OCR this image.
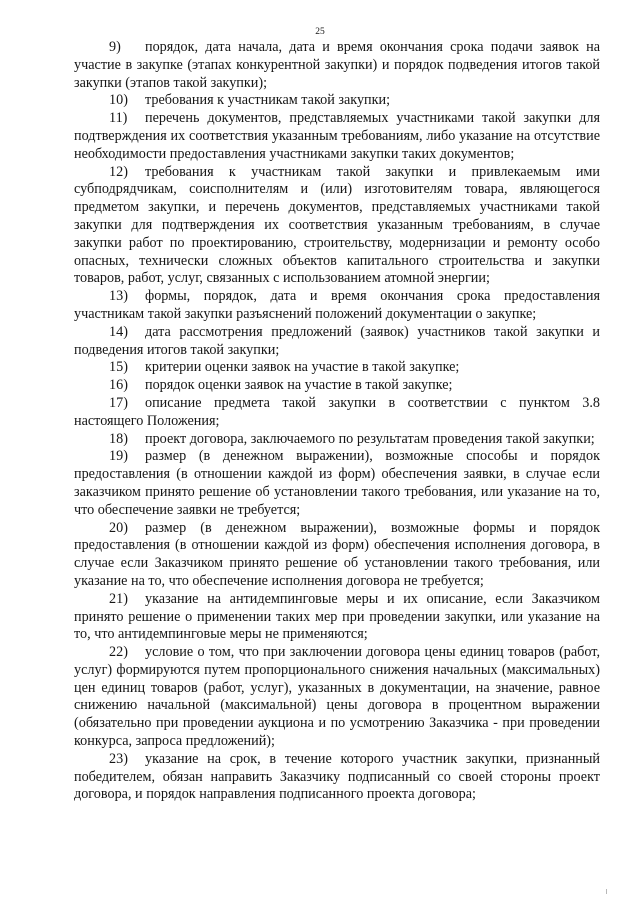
25

9) порядок, дата начала, дата и время окончания срока подачи заявок на участие в закупке (этапах конкурентной закупки) и порядок подведения итогов такой закупки (этапов такой закупки);

10) требования к участникам такой закупки;

11) перечень документов, представляемых участниками такой закупки для подтверждения их соответствия указанным требованиям, либо указание на отсутствие необходимости предоставления участниками закупки таких документов;

12) требования к участникам такой закупки и привлекаемым ими субподрядчикам, соисполнителям и (или) изготовителям товара, являющегося предметом закупки, и перечень документов, представляемых участниками такой закупки для подтверждения их соответствия указанным требованиям, в случае закупки работ по проектированию, строительству, модернизации и ремонту особо опасных, технически сложных объектов капитального строительства и закупки товаров, работ, услуг, связанных с использованием атомной энергии;

13) формы, порядок, дата и время окончания срока предоставления участникам такой закупки разъяснений положений документации о закупке;

14) дата рассмотрения предложений (заявок) участников такой закупки и подведения итогов такой закупки;

15) критерии оценки заявок на участие в такой закупке;

16) порядок оценки заявок на участие в такой закупке;

17) описание предмета такой закупки в соответствии с пунктом 3.8 настоящего Положения;

18) проект договора, заключаемого по результатам проведения такой закупки;

19) размер (в денежном выражении), возможные способы и порядок предоставления (в отношении каждой из форм) обеспечения заявки, в случае если заказчиком принято решение об установлении такого требования, или указание на то, что обеспечение заявки не требуется;

20) размер (в денежном выражении), возможные формы и порядок предоставления (в отношении каждой из форм) обеспечения исполнения договора, в случае если Заказчиком принято решение об установлении такого требования, или указание на то, что обеспечение исполнения договора не требуется;

21) указание на антидемпинговые меры и их описание, если Заказчиком принято решение о применении таких мер при проведении закупки, или указание на то, что антидемпинговые меры не применяются;

22) условие о том, что при заключении договора цены единиц товаров (работ, услуг) формируются путем пропорционального снижения начальных (максимальных) цен единиц товаров (работ, услуг), указанных в документации, на значение, равное снижению начальной (максимальной) цены договора в процентном выражении (обязательно при проведении аукциона и по усмотрению Заказчика - при проведении конкурса, запроса предложений);

23) указание на срок, в течение которого участник закупки, признанный победителем, обязан направить Заказчику подписанный со своей стороны проект договора, и порядок направления подписанного проекта договора;
